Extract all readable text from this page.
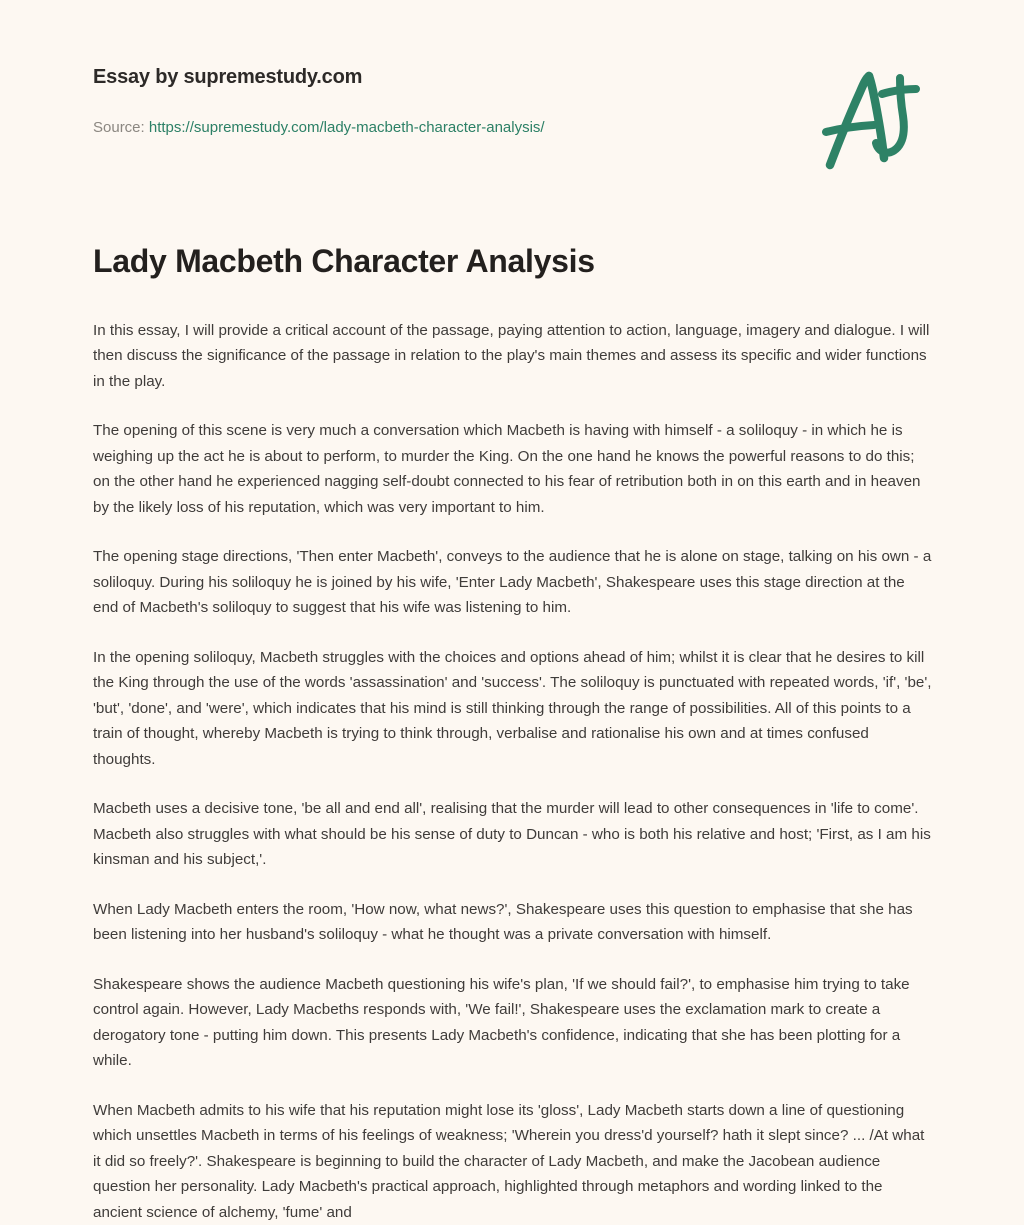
Essay by supremestudy.com
Source: https://supremestudy.com/lady-macbeth-character-analysis/
Lady Macbeth Character Analysis

In this essay, I will provide a critical account of the passage, paying attention to action, language, imagery and dialogue. I will then discuss the significance of the passage in relation to the play's main themes and assess its specific and wider functions in the play.

The opening of this scene is very much a conversation which Macbeth is having with himself - a soliloquy - in which he is weighing up the act he is about to perform, to murder the King. On the one hand he knows the powerful reasons to do this; on the other hand he experienced nagging self-doubt connected to his fear of retribution both in on this earth and in heaven by the likely loss of his reputation, which was very important to him.

The opening stage directions, 'Then enter Macbeth', conveys to the audience that he is alone on stage, talking on his own - a soliloquy. During his soliloquy he is joined by his wife, 'Enter Lady Macbeth', Shakespeare uses this stage direction at the end of Macbeth's soliloquy to suggest that his wife was listening to him.

In the opening soliloquy, Macbeth struggles with the choices and options ahead of him; whilst it is clear that he desires to kill the King through the use of the words 'assassination' and 'success'. The soliloquy is punctuated with repeated words, 'if', 'be', 'but', 'done', and 'were', which indicates that his mind is still thinking through the range of possibilities. All of this points to a train of thought, whereby Macbeth is trying to think through, verbalise and rationalise his own and at times confused thoughts.

Macbeth uses a decisive tone, 'be all and end all', realising that the murder will lead to other consequences in 'life to come'. Macbeth also struggles with what should be his sense of duty to Duncan - who is both his relative and host; 'First, as I am his kinsman and his subject,'.

When Lady Macbeth enters the room, 'How now, what news?', Shakespeare uses this question to emphasise that she has been listening into her husband's soliloquy - what he thought was a private conversation with himself.

Shakespeare shows the audience Macbeth questioning his wife's plan, 'If we should fail?', to emphasise him trying to take control again. However, Lady Macbeths responds with, 'We fail!', Shakespeare uses the exclamation mark to create a derogatory tone - putting him down. This presents Lady Macbeth's confidence, indicating that she has been plotting for a while.

When Macbeth admits to his wife that his reputation might lose its 'gloss', Lady Macbeth starts down a line of questioning which unsettles Macbeth in terms of his feelings of weakness; 'Wherein you dress'd yourself? hath it slept since? ... /At what it did so freely?'. Shakespeare is beginning to build the character of Lady Macbeth, and make the Jacobean audience question her personality. Lady Macbeth's practical approach, highlighted through metaphors and wording linked to the ancient science of alchemy, 'fume' and
